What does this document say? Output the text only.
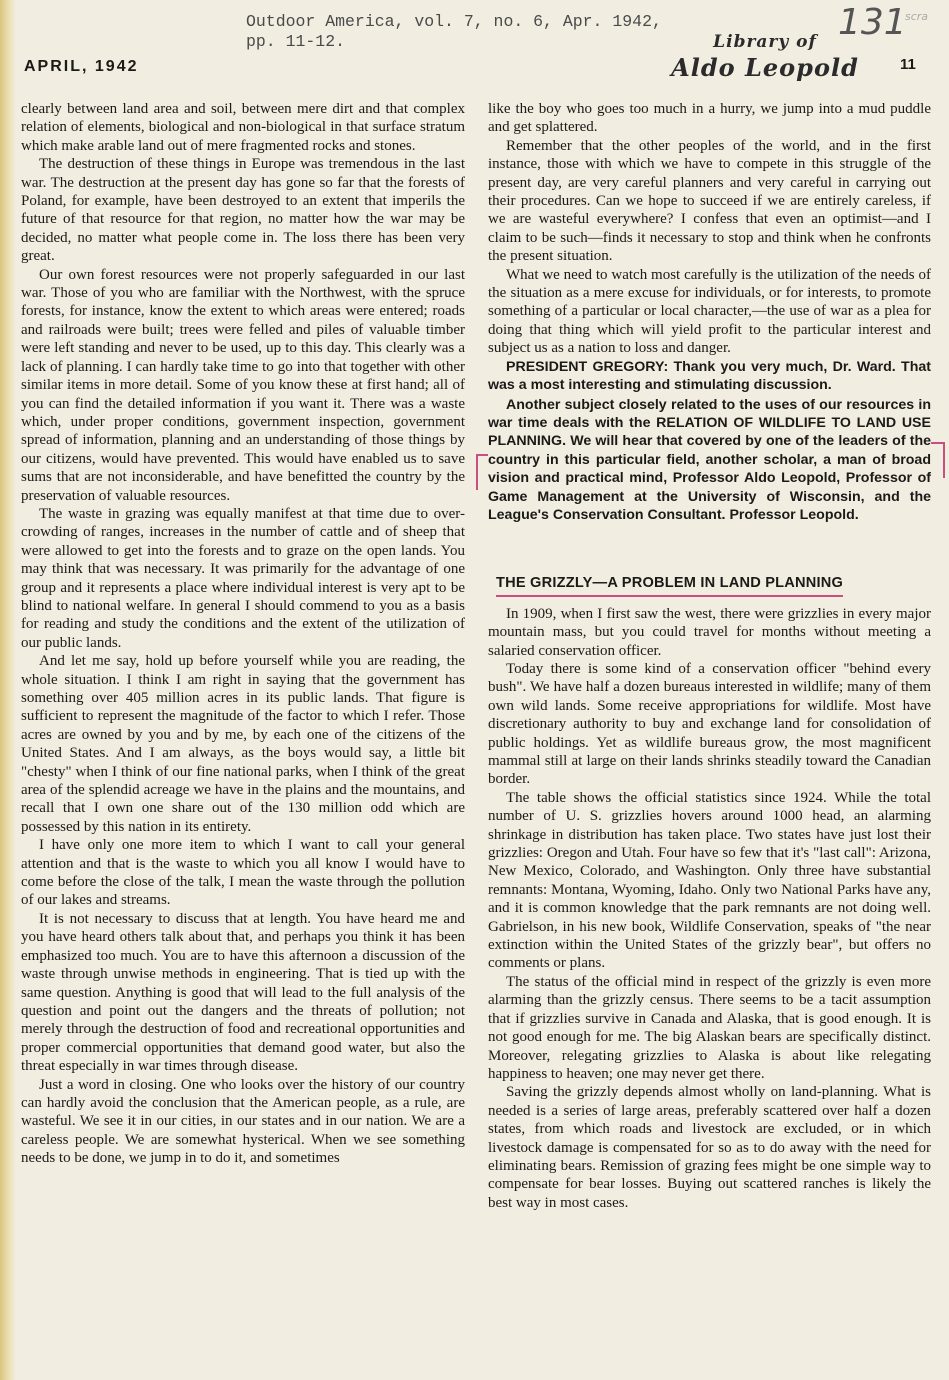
Outdoor America, vol. 7, no. 6, Apr. 1942,
pp. 11-12.	Library of
Aldo Leopold
131
scra
APRIL, 1942	11

clearly between land area and soil, between mere dirt and that complex relation of elements, biological and non-biological in that surface stratum which make arable land out of mere fragmented rocks and stones.

The destruction of these things in Europe was tremendous in the last war. The destruction at the present day has gone so far that the forests of Poland, for example, have been destroyed to an extent that imperils the future of that resource for that region, no matter how the war may be decided, no matter what people come in. The loss there has been very great.

Our own forest resources were not properly safeguarded in our last war. Those of you who are familiar with the Northwest, with the spruce forests, for instance, know the extent to which areas were entered; roads and railroads were built; trees were felled and piles of valuable timber were left standing and never to be used, up to this day. This clearly was a lack of planning. I can hardly take time to go into that together with other similar items in more detail. Some of you know these at first hand; all of you can find the detailed information if you want it. There was a waste which, under proper conditions, government inspection, government spread of information, planning and an understanding of those things by our citizens, would have prevented. This would have enabled us to save sums that are not inconsiderable, and have benefitted the country by the preservation of valuable resources.

The waste in grazing was equally manifest at that time due to over-crowding of ranges, increases in the number of cattle and of sheep that were allowed to get into the forests and to graze on the open lands. You may think that was necessary. It was primarily for the advantage of one group and it represents a place where individual interest is very apt to be blind to national welfare. In general I should commend to you as a basis for reading and study the conditions and the extent of the utilization of our public lands.

And let me say, hold up before yourself while you are reading, the whole situation. I think I am right in saying that the government has something over 405 million acres in its public lands. That figure is sufficient to represent the magnitude of the factor to which I refer. Those acres are owned by you and by me, by each one of the citizens of the United States. And I am always, as the boys would say, a little bit "chesty" when I think of our fine national parks, when I think of the great area of the splendid acreage we have in the plains and the mountains, and recall that I own one share out of the 130 million odd which are possessed by this nation in its entirety.

I have only one more item to which I want to call your general attention and that is the waste to which you all know I would have to come before the close of the talk, I mean the waste through the pollution of our lakes and streams.

It is not necessary to discuss that at length. You have heard me and you have heard others talk about that, and perhaps you think it has been emphasized too much. You are to have this afternoon a discussion of the waste through unwise methods in engineering. That is tied up with the same question. Anything is good that will lead to the full analysis of the question and point out the dangers and the threats of pollution; not merely through the destruction of food and recreational opportunities and proper commercial opportunities that demand good water, but also the threat especially in war times through disease.

Just a word in closing. One who looks over the history of our country can hardly avoid the conclusion that the American people, as a rule, are wasteful. We see it in our cities, in our states and in our nation. We are a careless people. We are somewhat hysterical. When we see something needs to be done, we jump in to do it, and sometimes

like the boy who goes too much in a hurry, we jump into a mud puddle and get splattered.

Remember that the other peoples of the world, and in the first instance, those with which we have to compete in this struggle of the present day, are very careful planners and very careful in carrying out their procedures. Can we hope to succeed if we are entirely careless, if we are wasteful everywhere? I confess that even an optimist—and I claim to be such—finds it necessary to stop and think when he confronts the present situation.

What we need to watch most carefully is the utilization of the needs of the situation as a mere excuse for individuals, or for interests, to promote something of a particular or local character,—the use of war as a plea for doing that thing which will yield profit to the particular interest and subject us as a nation to loss and danger.

PRESIDENT GREGORY: Thank you very much, Dr. Ward. That was a most interesting and stimulating discussion.

Another subject closely related to the uses of our resources in war time deals with the RELATION OF WILDLIFE TO LAND USE PLANNING. We will hear that covered by one of the leaders of the country in this particular field, another scholar, a man of broad vision and practical mind, Professor Aldo Leopold, Professor of Game Management at the University of Wisconsin, and the League's Conservation Consultant. Professor Leopold.

THE GRIZZLY—A PROBLEM IN LAND PLANNING

In 1909, when I first saw the west, there were grizzlies in every major mountain mass, but you could travel for months without meeting a salaried conservation officer.

Today there is some kind of a conservation officer "behind every bush". We have half a dozen bureaus interested in wildlife; many of them own wild lands. Some receive appropriations for wildlife. Most have discretionary authority to buy and exchange land for consolidation of public holdings. Yet as wildlife bureaus grow, the most magnificent mammal still at large on their lands shrinks steadily toward the Canadian border.

The table shows the official statistics since 1924. While the total number of U. S. grizzlies hovers around 1000 head, an alarming shrinkage in distribution has taken place. Two states have just lost their grizzlies: Oregon and Utah. Four have so few that it's "last call": Arizona, New Mexico, Colorado, and Washington. Only three have substantial remnants: Montana, Wyoming, Idaho. Only two National Parks have any, and it is common knowledge that the park remnants are not doing well. Gabrielson, in his new book, Wildlife Conservation, speaks of "the near extinction within the United States of the grizzly bear", but offers no comments or plans.

The status of the official mind in respect of the grizzly is even more alarming than the grizzly census. There seems to be a tacit assumption that if grizzlies survive in Canada and Alaska, that is good enough. It is not good enough for me. The big Alaskan bears are specifically distinct. Moreover, relegating grizzlies to Alaska is about like relegating happiness to heaven; one may never get there.

Saving the grizzly depends almost wholly on land-planning. What is needed is a series of large areas, preferably scattered over half a dozen states, from which roads and livestock are excluded, or in which livestock damage is compensated for so as to do away with the need for eliminating bears. Remission of grazing fees might be one simple way to compensate for bear losses. Buying out scattered ranches is likely the best way in most cases.
